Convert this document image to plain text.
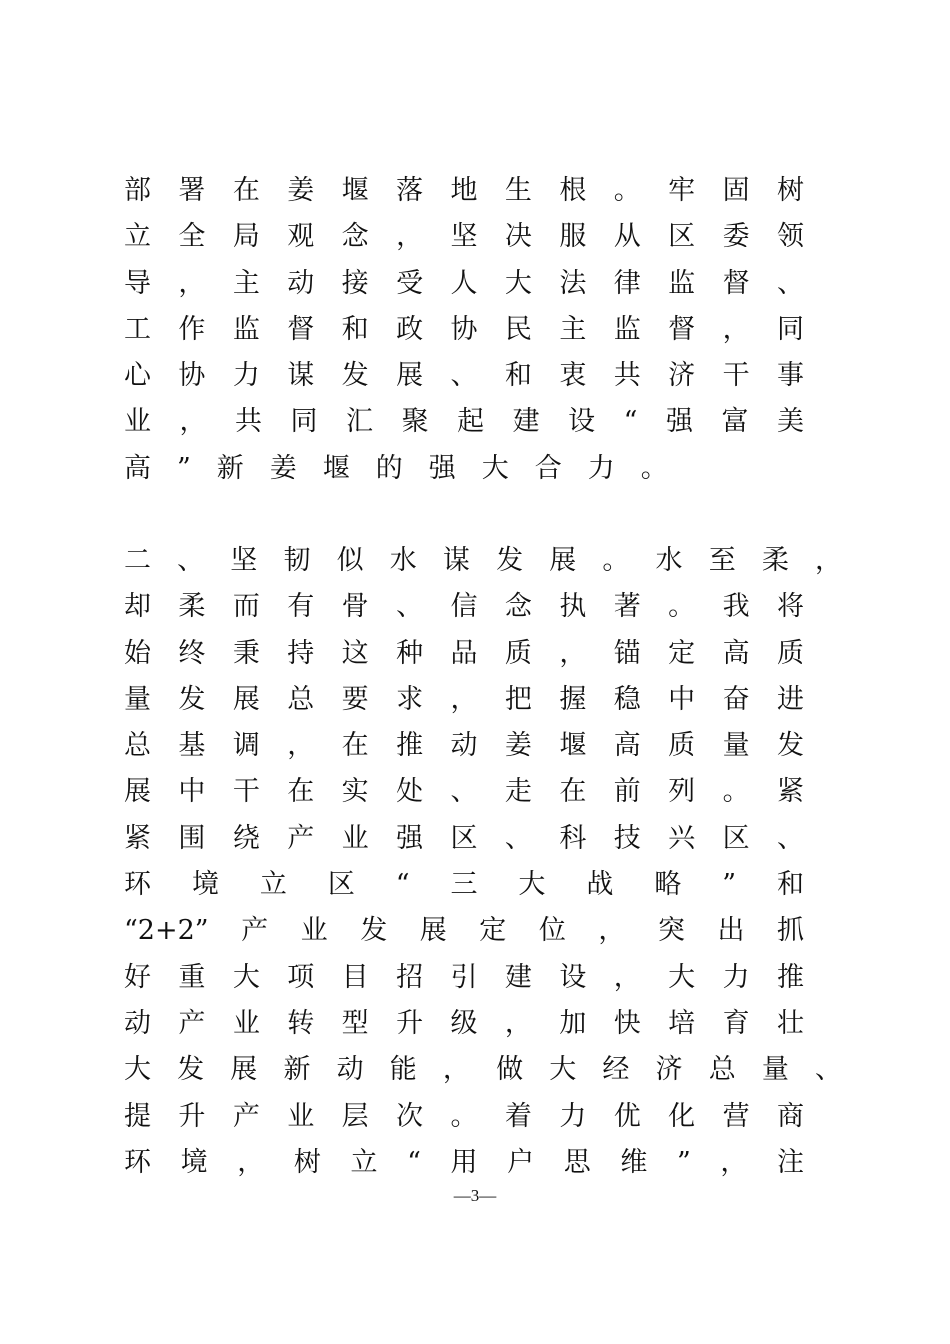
部署在姜堰落地生根。牢固树
立全局观念，坚决服从区委领
导，主动接受人大法律监督、
工作监督和政协民主监督，同
心协力谋发展、和衷共济干事
业，共同汇聚起建设“强富美
高”新姜堰的强大合力。
二、坚韧似水谋发展。水至柔，
却柔而有骨、信念执著。我将
始终秉持这种品质，锚定高质
量发展总要求，把握稳中奋进
总基调，在推动姜堰高质量发
展中干在实处、走在前列。紧
紧围绕产业强区、科技兴区、
环境立区“三大战略”和
“2+2”产业发展定位，突出抓
好重大项目招引建设，大力推
动产业转型升级，加快培育壮
大发展新动能，做大经济总量、
提升产业层次。着力优化营商
环境，树立“用户思维”，注
—3—
